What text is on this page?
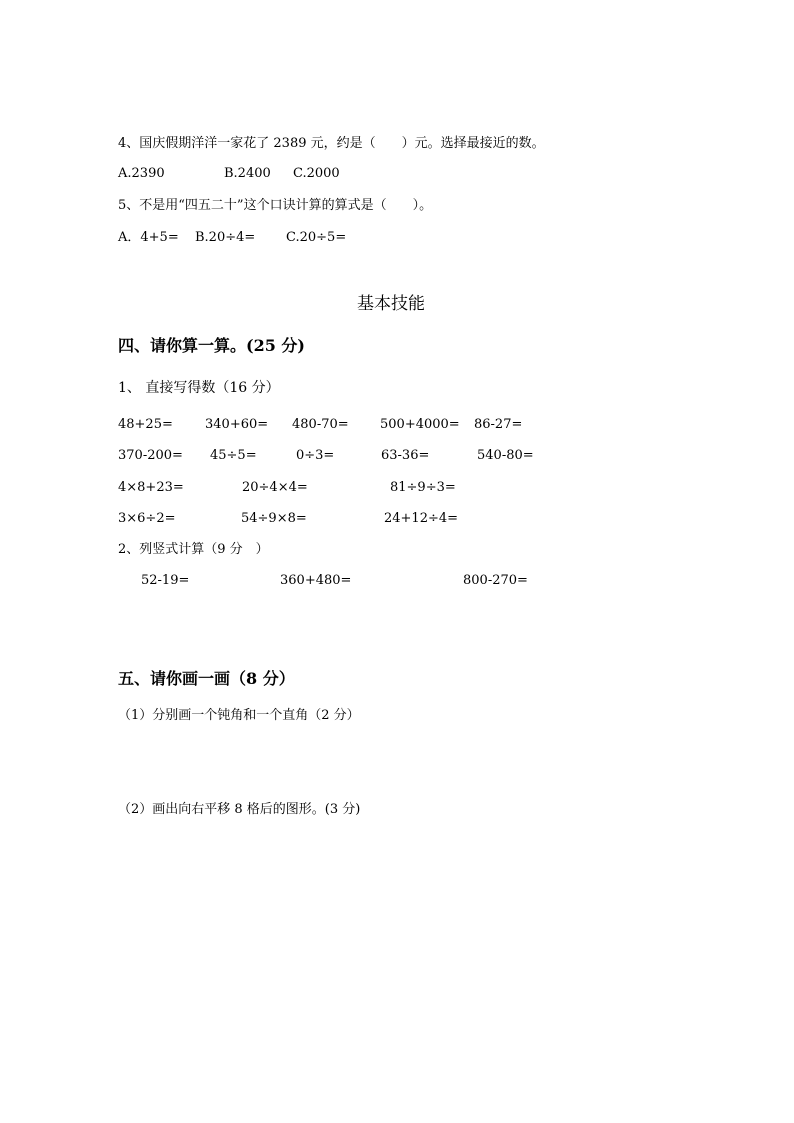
4、国庆假期洋洋一家花了 2389 元，约是（　　）元。选择最接近的数。
A.2390	B.2400 C.2000
5、不是用“四五二十”这个口诀计算的算式是（　　）。
A．4+5= B.20÷4= C.20÷5=
基本技能
四、请你算一算。(25 分)
1、 直接写得数（16 分）
48+25= 340+60= 480-70= 500+4000= 86-27=
370-200= 45÷5=	0÷3=	63-36=	540-80=
4×8+23=	20÷4×4=	81÷9÷3=
3×6÷2=	54÷9×8=	24+12÷4=
2、列竖式计算（9 分　）
52-19=	360+480=	800-270=
五、请你画一画（8 分）
（1）分别画一个钝角和一个直角（2 分）
（2）画出向右平移 8 格后的图形。(3 分)
